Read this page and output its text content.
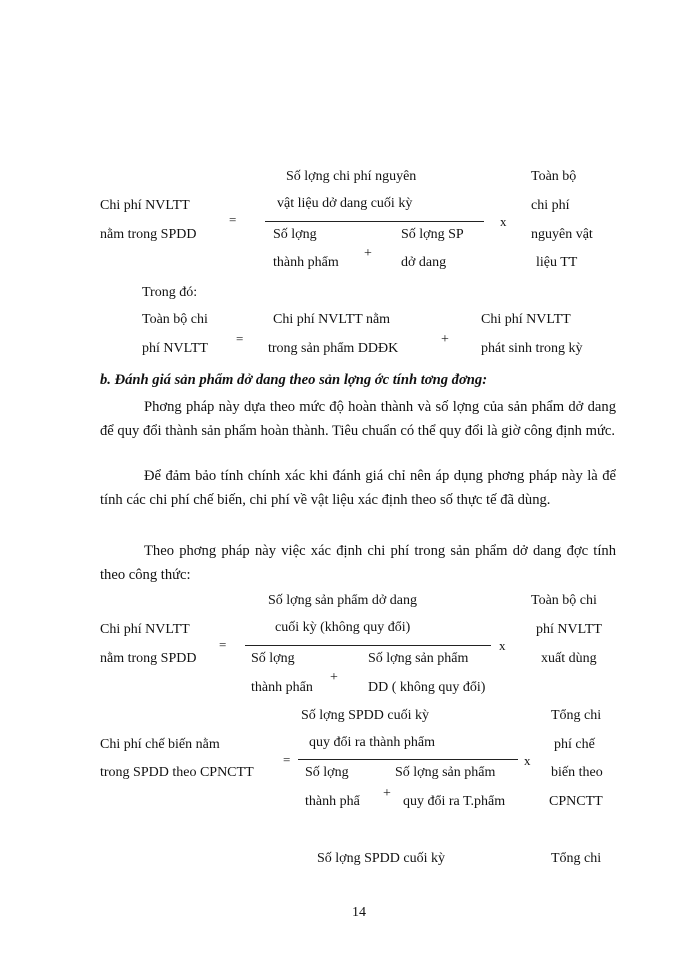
Số lợng chi phí nguyên	Toàn bộ
Chi phí NVLTT	vật liệu dở dang cuối kỳ	chi phí
=	x
nằm trong SPDD	Số lợng	Số lợng SP	nguyên vật
+
thành phẩm	dở dang	liệu TT
Trong đó:
Toàn bộ chi	Chi phí NVLTT nằm	Chi phí NVLTT
=	+
phí NVLTT	trong sản phẩm DDĐK	phát sinh trong kỳ
b. Đánh giá sản phẩm dở dang theo sản lợng ớc tính tơng đơng:
Phơng pháp này dựa theo mức độ hoàn thành và số lợng của sản phẩm dở dang để quy đổi thành sản phẩm hoàn thành. Tiêu chuẩn có thể quy đổi là giờ công định mức.
Để đảm bảo tính chính xác khi đánh giá chỉ nên áp dụng phơng pháp này là để tính các chi phí chế biến, chi phí về vật liệu xác định theo số thực tế đã dùng.
Theo phơng pháp này việc xác định chi phí trong sản phẩm dở dang đợc tính theo công thức:
Số lợng sản phẩm dở dang	Toàn bộ chi
Chi phí NVLTT	cuối kỳ (không quy đổi)	phí NVLTT
=	x
nằm trong SPDD	Số lợng	Số lợng sản phẩm	xuất dùng
+
thành phẩn	DD ( không quy đổi)
Số lợng SPDD cuối kỳ	Tổng chi
Chi phí chế biến nằm	quy đổi ra thành phẩm	phí chế
=	x
trong SPDD theo CPNCTT	Số lợng	Số lợng sản phẩm	biến theo
+
thành phẩ	quy đổi ra T.phẩm	CPNCTT
Số lợng SPDD cuối kỳ	Tổng chi
14
